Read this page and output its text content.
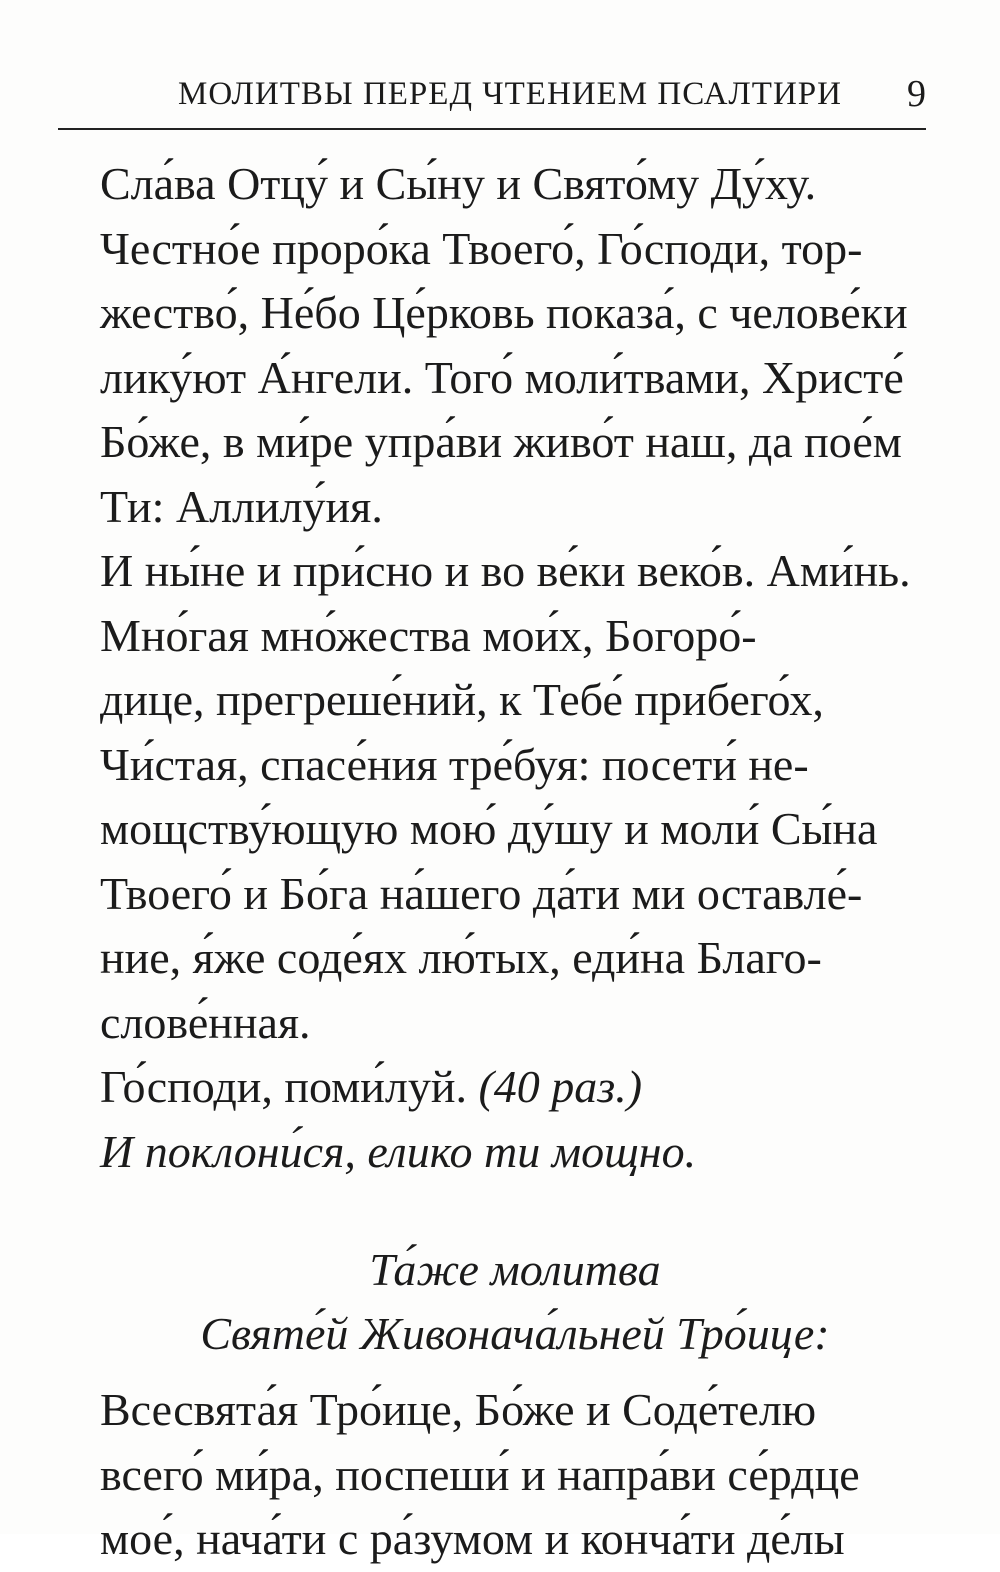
МОЛИТВЫ ПЕРЕД ЧТЕНИЕМ ПСАЛТИРИ 9

Сла́ва Отцу́ и Сы́ну и Свято́му Ду́ху.

Честно́е проро́ка Твоего́, Го́споди, тор-
жество́, Не́бо Це́рковь показа́, с челове́ки
лику́ют А́нгели. Того́ моли́твами, Христе́
Бо́же, в ми́ре упра́ви живо́т наш, да пое́м
Ти: Аллилу́ия.

И ны́не и при́сно и во ве́ки веко́в. Ами́нь.

Мно́гая мно́жества мои́х, Богоро́-
дице, прегреше́ний, к Тебе́ прибего́х,
Чи́стая, спасе́ния тре́буя: посети́ не-
мощству́ющую мою́ ду́шу и моли́ Сы́на
Твоего́ и Бо́га на́шего да́ти ми оставле́-
ние, я́же соде́ях лю́тых, еди́на Благо-
слове́нная.

Го́споди, поми́луй. (40 раз.)

И поклони́ся, елико ти мощно.

Та́же молитва
Святе́й Живонача́льней Тро́ице:

Всесвята́я Тро́ице, Бо́же и Соде́телю
всего́ ми́ра, поспеши́ и напра́ви се́рдце
мое́, нача́ти с ра́зумом и конча́ти де́лы
